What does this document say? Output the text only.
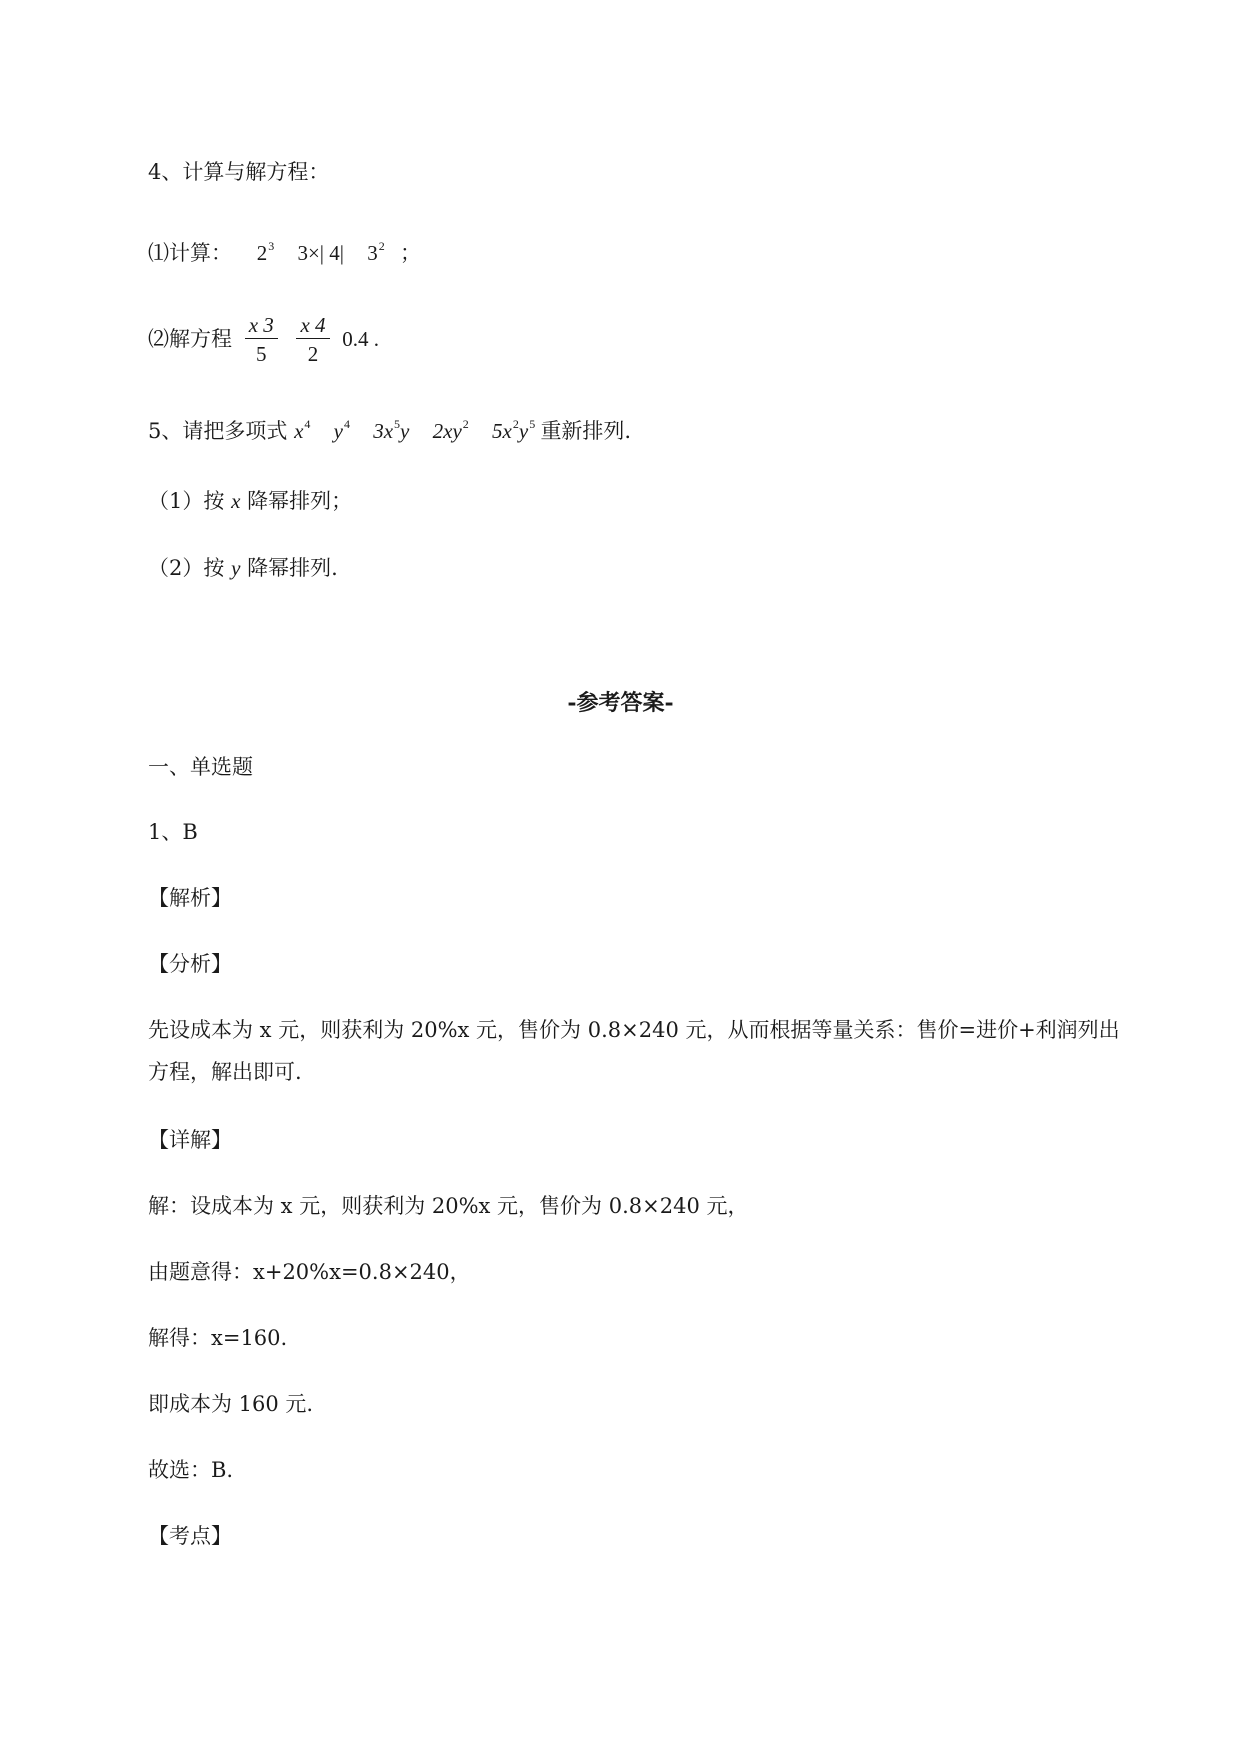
4、计算与解方程：
⑴计算： $2^3$ 3×| 4| $3^2$ ；
⑵解方程 $\frac{x 3}{5}$
$\frac{x 4}{2} 0.4$ .
5、请把多项式 $x^4$ $y^4$ $3x^5y$ $2xy^2$ $5x^2y^5$ 重新排列.
（1）按 x 降幂排列；
（2）按 y 降幂排列.
-参考答案-
一、单选题
1、B
【解析】
【分析】
先设成本为 x 元，则获利为 20%x 元，售价为 0.8×240 元，从而根据等量关系：售价=进价+利润列出
方程，解出即可.
【详解】
解：设成本为 x 元，则获利为 20%x 元，售价为 0.8×240 元，
由题意得：x+20%x=0.8×240，
解得：x=160.
即成本为 160 元.
故选：B.
【考点】
